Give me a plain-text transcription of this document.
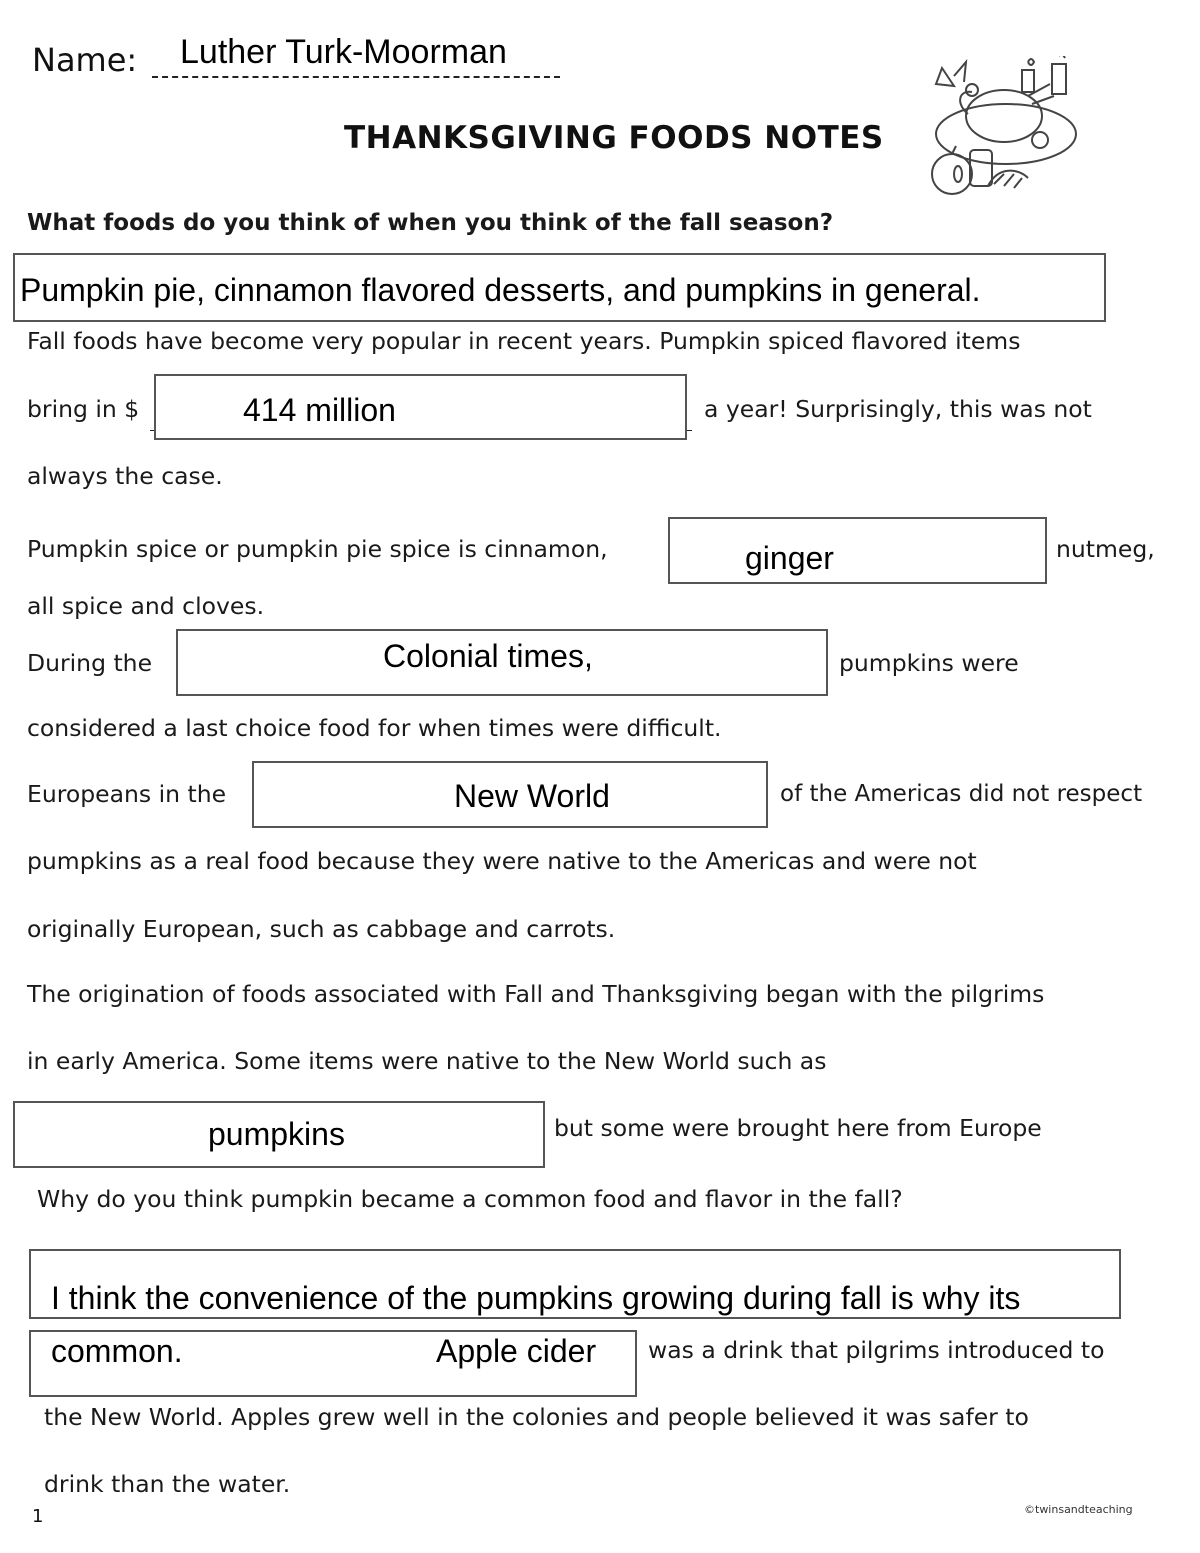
Name: Luther Turk-Moorman
THANKSGIVING FOODS NOTES
What foods do you think of when you think of the fall season?
Pumpkin pie, cinnamon flavored desserts, and pumpkins in general.
Fall foods have become very popular in recent years. Pumpkin spiced flavored items
bring in $	414 million	a year! Surprisingly, this was not
always the case.
Pumpkin spice or pumpkin pie spice is cinnamon,	ginger	nutmeg,
all spice and cloves.
During the	Colonial times,	pumpkins were
considered a last choice food for when times were difficult.
Europeans in the	New World	of the Americas did not respect
pumpkins as a real food because they were native to the Americas and were not
originally European, such as cabbage and carrots.
The origination of foods associated with Fall and Thanksgiving began with the pilgrims
in early America. Some items were native to the New World such as
pumpkins	but some were brought here from Europe
Why do you think pumpkin became a common food and flavor in the fall?
I think the convenience of the pumpkins growing during fall is why its
common.	Apple cider was a drink that pilgrims introduced to
the New World. Apples grew well in the colonies and people believed it was safer to
drink than the water.
1	©twinsandteaching
